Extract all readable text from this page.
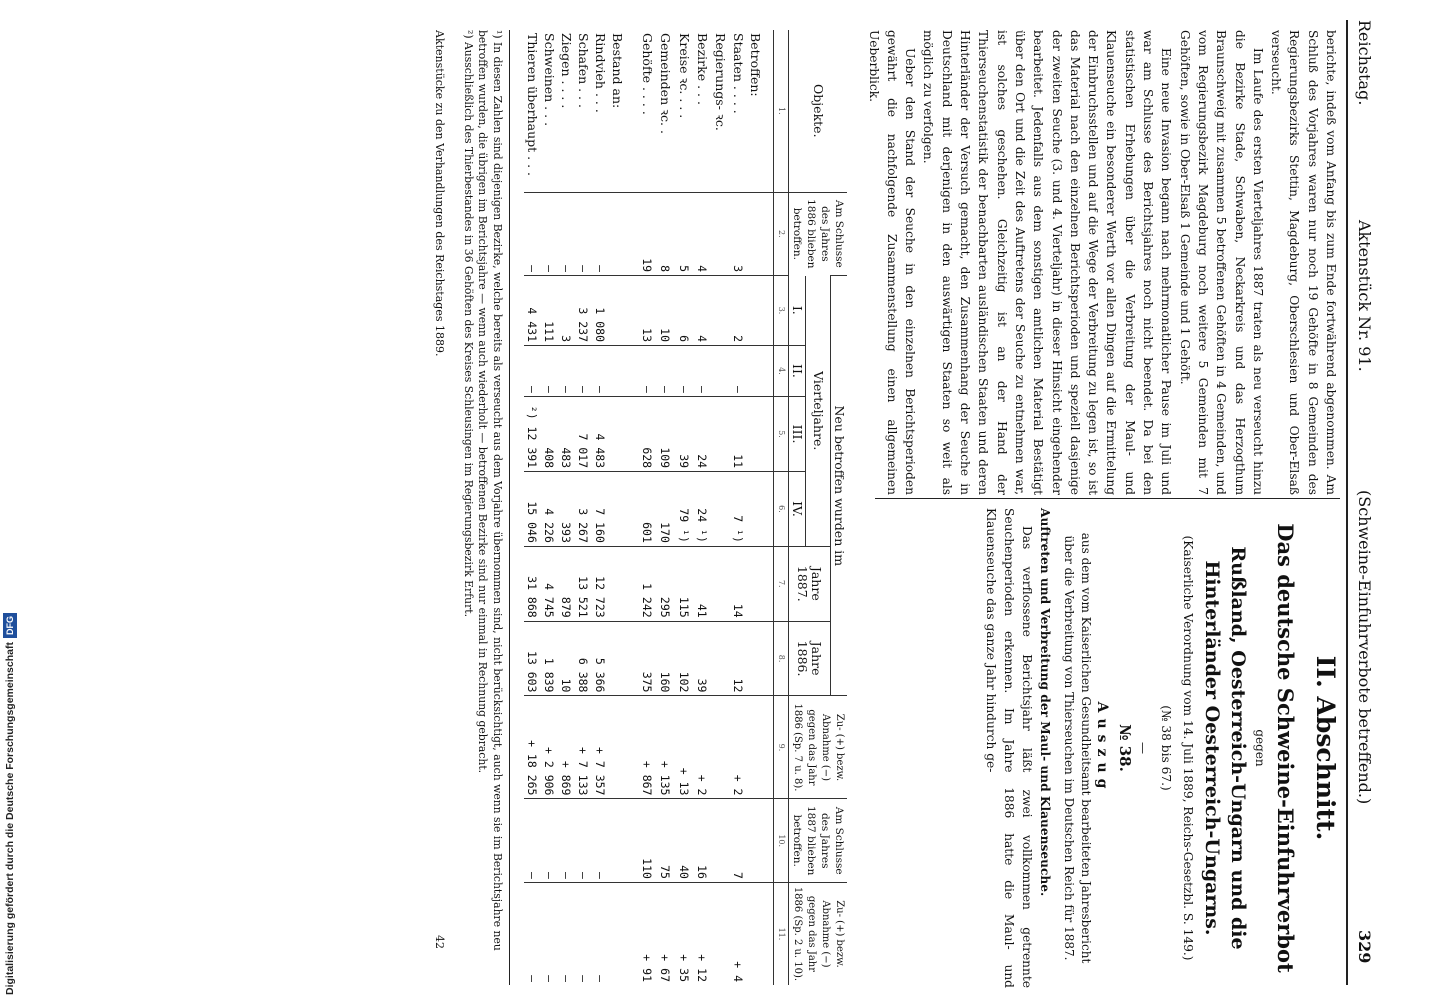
Reichstag.
Aktenstück Nr. 91.
(Schweine-Einfuhrverbote betreffend.)
329

berichte, indeß vom Anfang bis zum Ende fortwährend abgenommen. Am Schluß des Vorjahres waren nur noch 19 Gehöfte in 8 Gemeinden des Regierungsbezirks Stettin, Magdeburg, Oberschlesien und Ober-Elsaß verseucht.

Im Laufe des ersten Vierteljahres 1887 traten als neu verseucht hinzu die Bezirke Stade, Schwaben, Neckarkreis und das Herzogthum Braunschweig mit zusammen 5 betroffenen Gehöften in 4 Gemeinden, und vom Regierungsbezirk Magdeburg noch weitere 5 Gemeinden mit 7 Gehöften, sowie in Ober-Elsaß 1 Gemeinde und 1 Gehöft.

Eine neue Invasion begann nach mehrmonatlicher Pause im Juli und war am Schlusse des Berichtsjahres noch nicht beendet. Da bei den statistischen Erhebungen über die Verbreitung der Maul- und Klauenseuche ein besonderer Werth vor allen Dingen auf die Ermittelung der Einbruchsstellen und auf die Wege der Verbreitung zu legen ist, so ist das Material nach den einzelnen Berichtsperioden und speziell dasjenige der zweiten Seuche (3. und 4. Vierteljahr) in dieser Hinsicht eingehender bearbeitet. Jedenfalls aus dem sonstigen amtlichen Material Bestätigt über den Ort und die Zeit des Auftretens der Seuche zu entnehmen war, ist solches geschehen. Gleichzeitig ist an der Hand der Thierseuchenstatistik der benachbarten ausländischen Staaten und deren Hinterländer der Versuch gemacht, den Zusammenhang der Seuche in Deutschland mit derjenigen in den auswärtigen Staaten so weit als möglich zu verfolgen.

Ueber den Stand der Seuche in den einzelnen Berichtsperioden gewährt die nachfolgende Zusammenstellung einen allgemeinen Ueberblick.

II. Abschnitt.
Das deutsche Schweine-Einfuhrverbot
gegen
Rußland, Oesterreich-Ungarn und die Hinterländer Oesterreich-Ungarns.
(Kaiserliche Verordnung vom 14. Juli 1889, Reichs-Gesetzbl. S. 149.)
(№ 38 bis 67.)
—
№ 38.
Auszug
aus dem vom Kaiserlichen Gesundheitsamt bearbeiteten Jahresbericht über die Verbreitung von Thierseuchen im Deutschen Reich für 1887.
Auftreten und Verbreitung der Maul- und Klauenseuche.

Das verflossene Berichtsjahr läßt zwei vollkommen getrennte Seuchenperioden erkennen. Im Jahre 1886 hatte die Maul- und Klauenseuche das ganze Jahr hindurch ge-

Objekte.	Am Schlusse des Jahres 1886 blieben betroffen.	Neu betroffen wurden im						Zu- (+) bezw. Abnahme (−) gegen das Jahr 1886 (Sp. 7 u. 8).	Am Schlusse des Jahres 1887 blieben betroffen.	Zu- (+) bezw. Abnahme (−) gegen das Jahr 1886 (Sp. 2 u. 10).
		Vierteljahre.				Jahre 1887.	Jahre 1886.			
		I.	II.	III.	IV.					
1.	2.	3.	4.	5.	6.	7.	8.	9.	10.	11.
Betroffen:										
Staaten . . . .	3	2	—	11	7 ¹)	14	12	+ 2	7	+ 4
Regierungs- ꝛc.										
Bezirke . . .	4	4	—	24	24 ¹)	41	39	+ 2	16	+ 12
Kreise ꝛc. . . .	5	6	—	39	79 ¹)	115	102	+ 13	40	+ 35
Gemeinden ꝛc. .	8	10	—	109	170	295	160	+ 135	75	+ 67
Gehöfte . . . .	19	13	—	628	601	1 242	375	+ 867	110	+ 91
Bestand an:										
Rindvieh . . .	—	1 080	—	4 483	7 160	12 723	5 366	+ 7 357	—	—
Schafen . . .	—	3 237	—	7 017	3 267	13 521	6 388	+ 7 133	—	—
Ziegen . . . .	—	3	—	483	393	879	10	+ 869	—	—
Schweinen . . .	—	111	—	408	4 226	4 745	1 839	+ 2 906	—	—
Thieren überhaupt . . .	—	4 431	—	²) 12 391	15 046	31 868	13 603	+ 18 265	—	—
¹) In diesen Zahlen sind diejenigen Bezirke, welche bereits als verseucht aus dem Vorjahre übernommen sind, nicht berücksichtigt, auch wenn sie im Berichtsjahre neu betroffen wurden, die übrigen im Berichtsjahre — wenn auch wiederholt — betroffenen Bezirke sind nur einmal in Rechnung gebracht.
²) Ausschließlich des Thierbestandes in 36 Gehöften des Kreises Schleusingen im Regierungsbezirk Erfurt.
Aktenstücke zu den Verhandlungen des Reichstages 1889.
42
Digitalisierung gefördert durch die Deutsche ForschungsgemeinschaftDFG
